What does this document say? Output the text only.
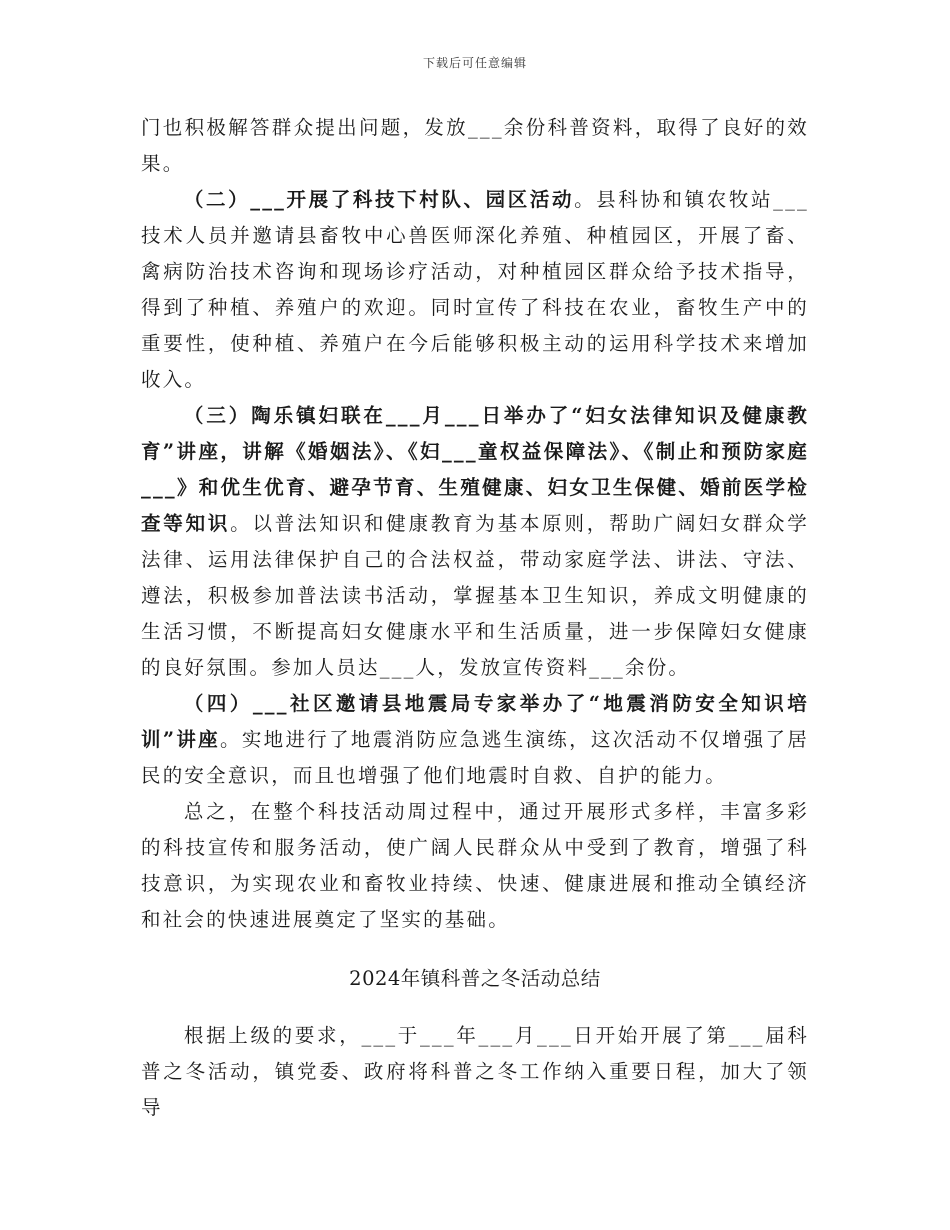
下载后可任意编辑

门也积极解答群众提出问题，发放___余份科普资料，取得了良好的效果。

（二）___开展了科技下村队、园区活动。县科协和镇农牧站___技术人员并邀请县畜牧中心兽医师深化养殖、种植园区，开展了畜、禽病防治技术咨询和现场诊疗活动，对种植园区群众给予技术指导，得到了种植、养殖户的欢迎。同时宣传了科技在农业，畜牧生产中的重要性，使种植、养殖户在今后能够积极主动的运用科学技术来增加收入。

（三）陶乐镇妇联在___月___日举办了“妇女法律知识及健康教育”讲座，讲解《婚姻法》、《妇___童权益保障法》、《制止和预防家庭___》和优生优育、避孕节育、生殖健康、妇女卫生保健、婚前医学检查等知识。以普法知识和健康教育为基本原则，帮助广阔妇女群众学法律、运用法律保护自己的合法权益，带动家庭学法、讲法、守法、遵法，积极参加普法读书活动，掌握基本卫生知识，养成文明健康的生活习惯，不断提高妇女健康水平和生活质量，进一步保障妇女健康的良好氛围。参加人员达___人，发放宣传资料___余份。

（四）___社区邀请县地震局专家举办了“地震消防安全知识培训”讲座。实地进行了地震消防应急逃生演练，这次活动不仅增强了居民的安全意识，而且也增强了他们地震时自救、自护的能力。

总之，在整个科技活动周过程中，通过开展形式多样，丰富多彩的科技宣传和服务活动，使广阔人民群众从中受到了教育，增强了科技意识，为实现农业和畜牧业持续、快速、健康进展和推动全镇经济和社会的快速进展奠定了坚实的基础。

2024年镇科普之冬活动总结

根据上级的要求，___于___年___月___日开始开展了第___届科普之冬活动，镇党委、政府将科普之冬工作纳入重要日程，加大了领导
